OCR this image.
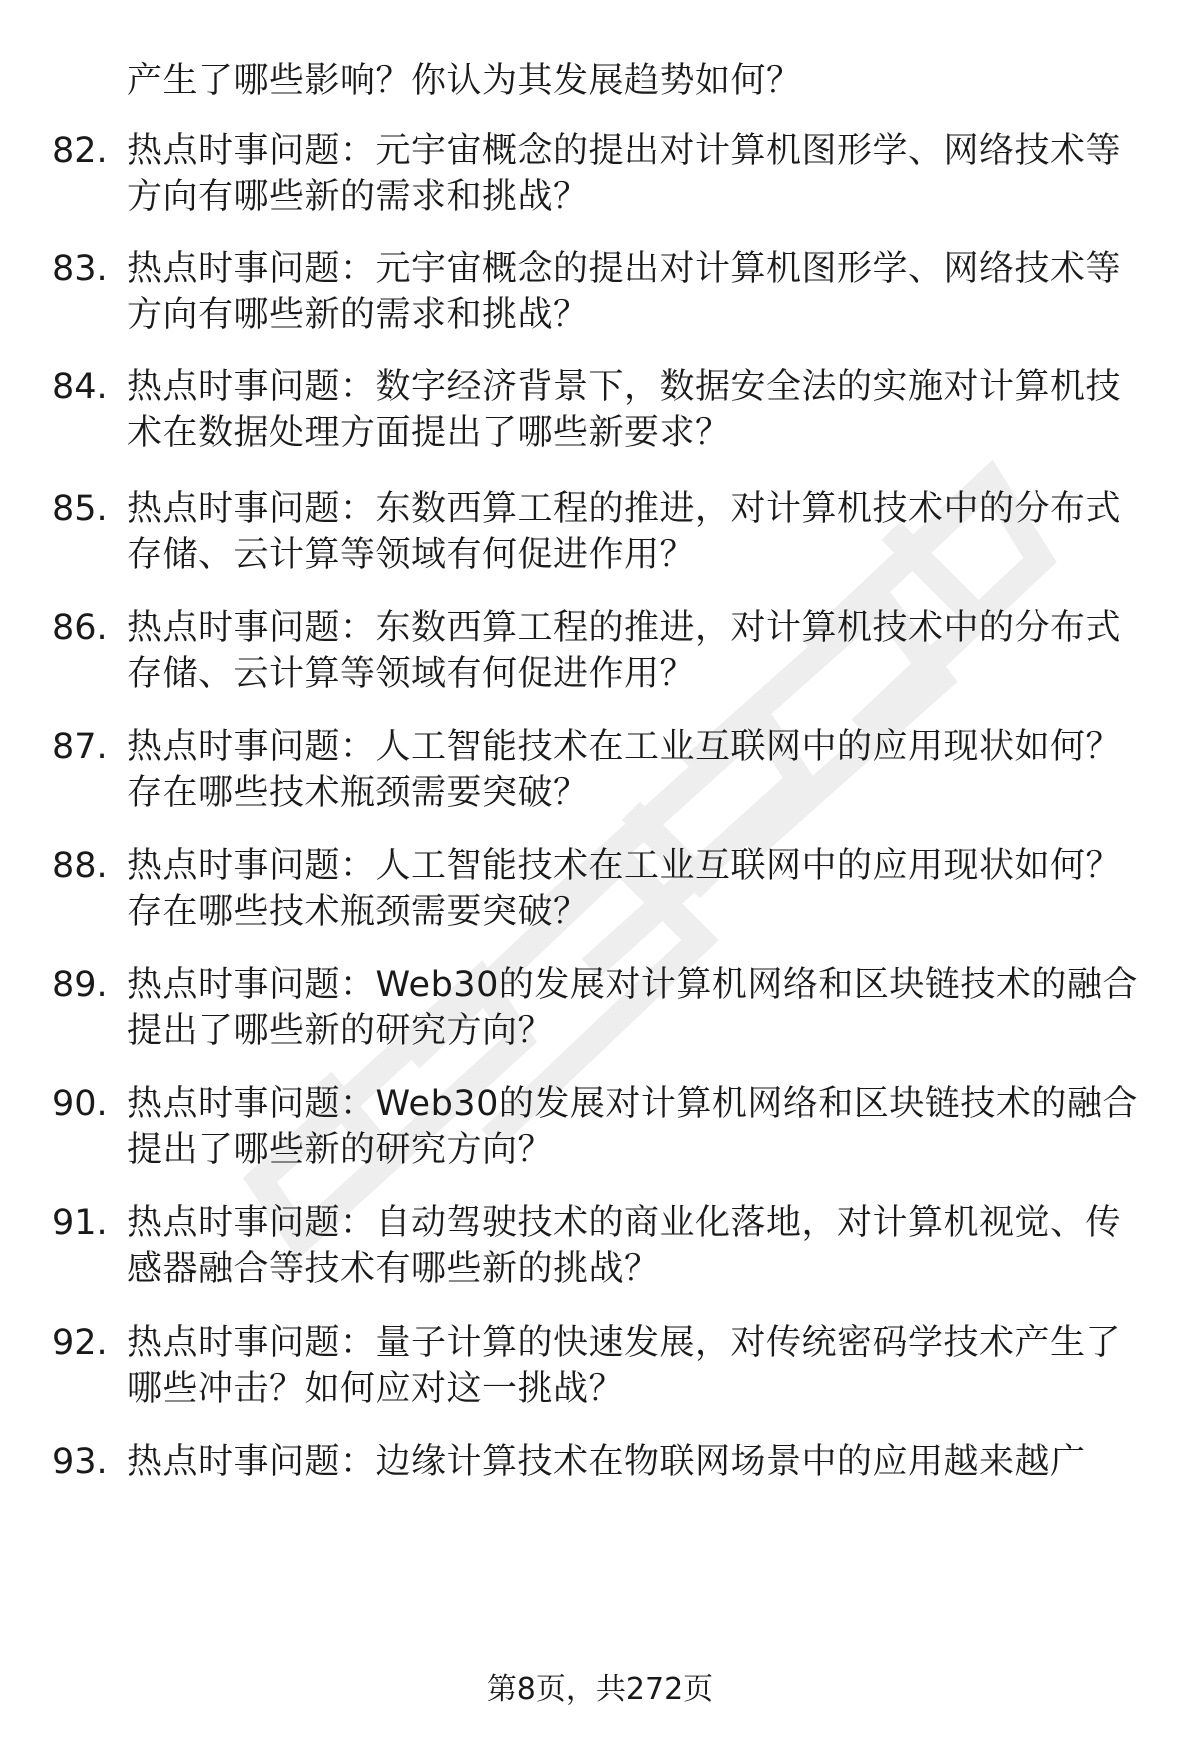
产生了哪些影响？你认为其发展趋势如何？
82. 热点时事问题：元宇宙概念的提出对计算机图形学、网络技术等
方向有哪些新的需求和挑战？
83. 热点时事问题：元宇宙概念的提出对计算机图形学、网络技术等
方向有哪些新的需求和挑战？
84. 热点时事问题：数字经济背景下，数据安全法的实施对计算机技
术在数据处理方面提出了哪些新要求？
85. 热点时事问题：东数西算工程的推进，对计算机技术中的分布式
存储、云计算等领域有何促进作用？
86. 热点时事问题：东数西算工程的推进，对计算机技术中的分布式
存储、云计算等领域有何促进作用？
87. 热点时事问题：人工智能技术在工业互联网中的应用现状如何？
存在哪些技术瓶颈需要突破？
88. 热点时事问题：人工智能技术在工业互联网中的应用现状如何？
存在哪些技术瓶颈需要突破？
89. 热点时事问题：Web30的发展对计算机网络和区块链技术的融合
提出了哪些新的研究方向？
90. 热点时事问题：Web30的发展对计算机网络和区块链技术的融合
提出了哪些新的研究方向？
91. 热点时事问题：自动驾驶技术的商业化落地，对计算机视觉、传
感器融合等技术有哪些新的挑战？
92. 热点时事问题：量子计算的快速发展，对传统密码学技术产生了
哪些冲击？如何应对这一挑战？
93. 热点时事问题：边缘计算技术在物联网场景中的应用越来越广
第8页，共272页
